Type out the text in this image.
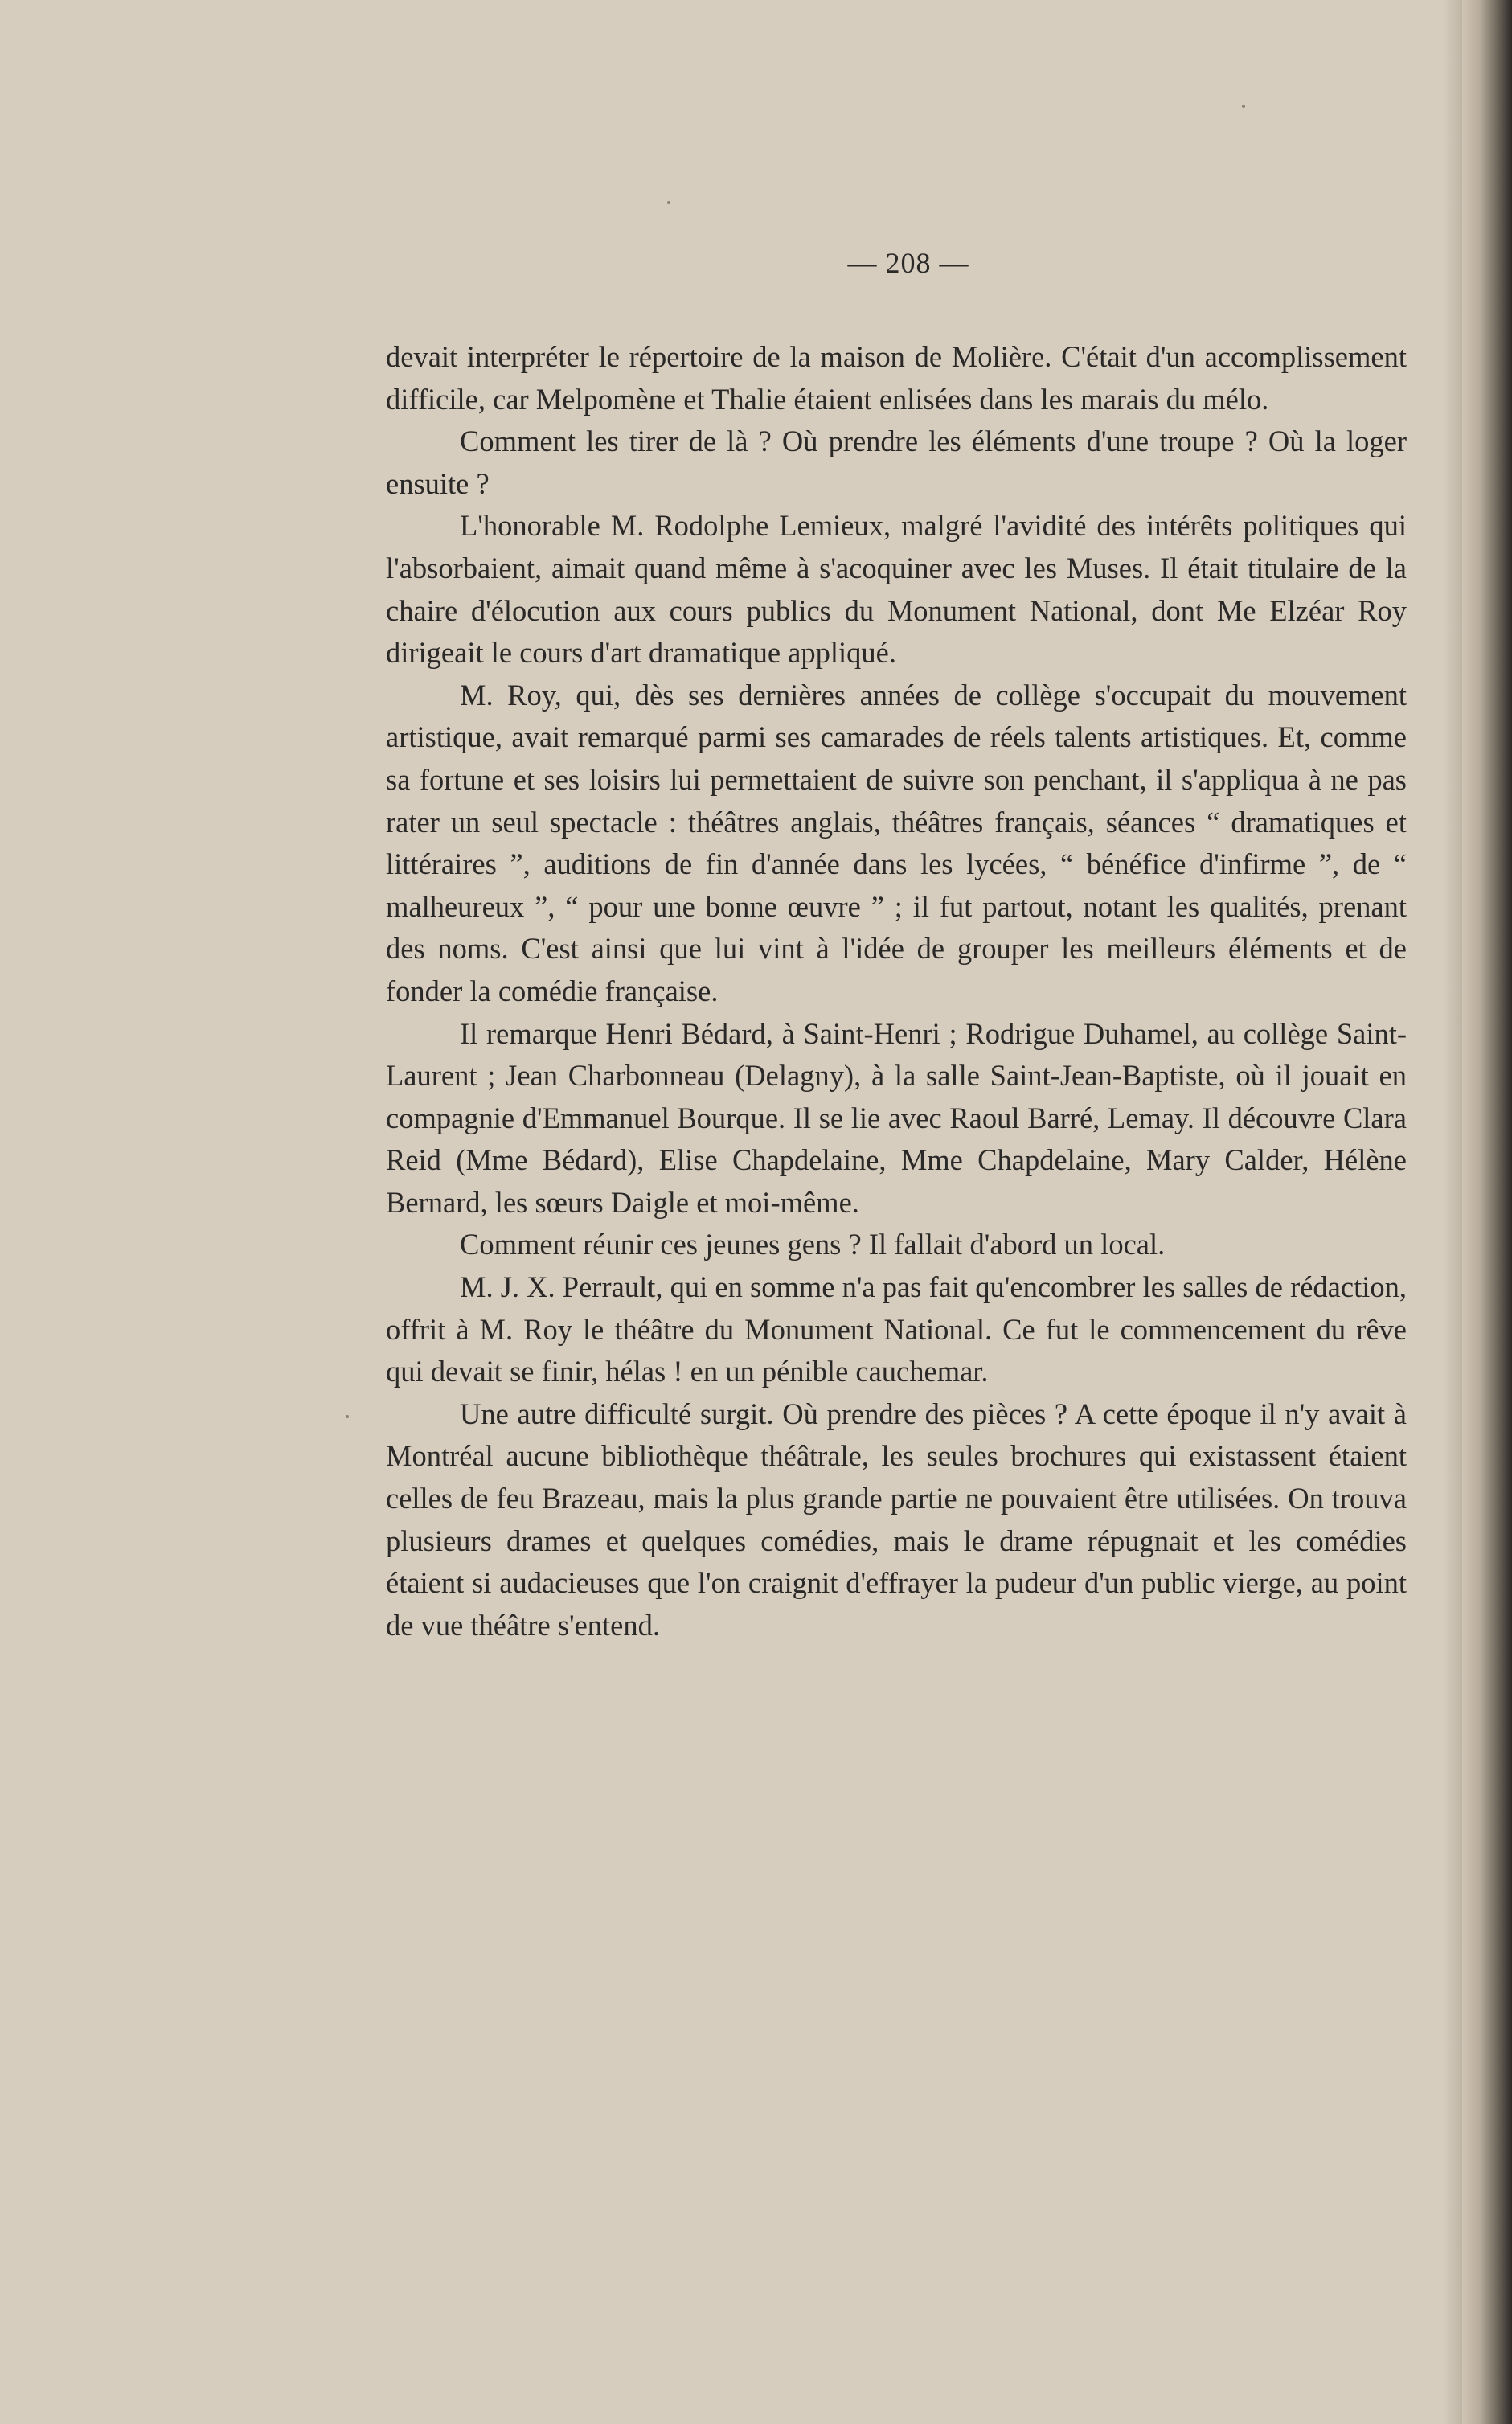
— 208 —

devait interpréter le répertoire de la maison de Molière. C'était d'un accomplissement difficile, car Melpomène et Thalie étaient enlisées dans les marais du mélo.

Comment les tirer de là ? Où prendre les éléments d'une troupe ? Où la loger ensuite ?

L'honorable M. Rodolphe Lemieux, malgré l'avidité des intérêts politiques qui l'absorbaient, aimait quand même à s'acoquiner avec les Muses. Il était titulaire de la chaire d'élocution aux cours publics du Monument National, dont Me Elzéar Roy dirigeait le cours d'art dramatique appliqué.

M. Roy, qui, dès ses dernières années de collège s'occupait du mouvement artistique, avait remarqué parmi ses camarades de réels talents artistiques. Et, comme sa fortune et ses loisirs lui permettaient de suivre son penchant, il s'appliqua à ne pas rater un seul spectacle : théâtres anglais, théâtres français, séances “ dramatiques et littéraires ”, auditions de fin d'année dans les lycées, “ bénéfice d'infirme ”, de “ malheureux ”, “ pour une bonne œuvre ” ; il fut partout, notant les qualités, prenant des noms. C'est ainsi que lui vint à l'idée de grouper les meilleurs éléments et de fonder la comédie française.

Il remarque Henri Bédard, à Saint-Henri ; Rodrigue Duhamel, au collège Saint-Laurent ; Jean Charbonneau (Delagny), à la salle Saint-Jean-Baptiste, où il jouait en compagnie d'Emmanuel Bourque. Il se lie avec Raoul Barré, Lemay. Il découvre Clara Reid (Mme Bédard), Elise Chapdelaine, Mme Chapdelaine, Mary Calder, Hélène Bernard, les sœurs Daigle et moi-même.

Comment réunir ces jeunes gens ? Il fallait d'abord un local.

M. J. X. Perrault, qui en somme n'a pas fait qu'encombrer les salles de rédaction, offrit à M. Roy le théâtre du Monument National. Ce fut le commencement du rêve qui devait se finir, hélas ! en un pénible cauchemar.

Une autre difficulté surgit. Où prendre des pièces ? A cette époque il n'y avait à Montréal aucune bibliothèque théâtrale, les seules brochures qui existassent étaient celles de feu Brazeau, mais la plus grande partie ne pouvaient être utilisées. On trouva plusieurs drames et quelques comédies, mais le drame répugnait et les comédies étaient si audacieuses que l'on craignit d'effrayer la pudeur d'un public vierge, au point de vue théâtre s'entend.
